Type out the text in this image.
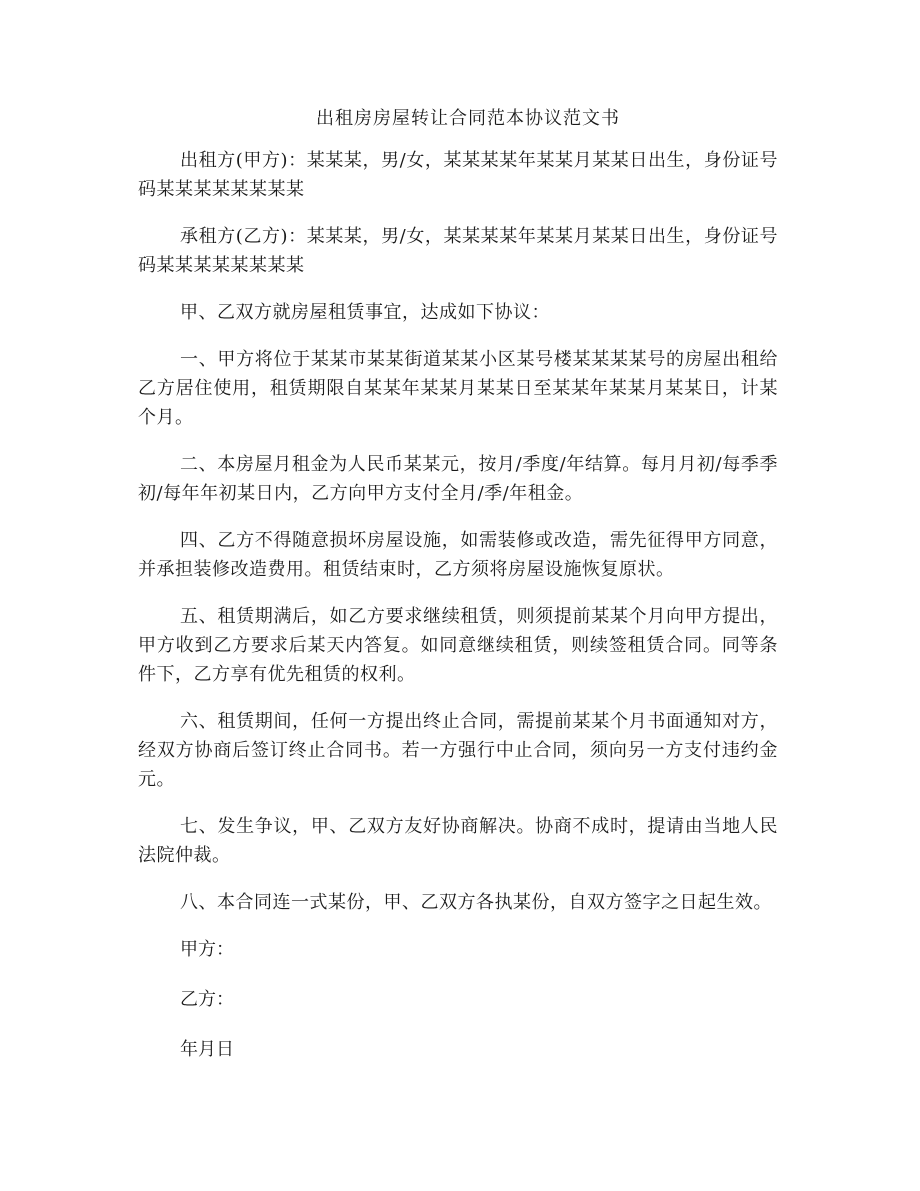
出租房房屋转让合同范本协议范文书

出租方(甲方)：某某某，男/女，某某某某年某某月某某日出生，身份证号码某某某某某某某某

承租方(乙方)：某某某，男/女，某某某某年某某月某某日出生，身份证号码某某某某某某某某

甲、乙双方就房屋租赁事宜，达成如下协议：

一、甲方将位于某某市某某街道某某小区某号楼某某某某号的房屋出租给乙方居住使用，租赁期限自某某年某某月某某日至某某年某某月某某日，计某个月。

二、本房屋月租金为人民币某某元，按月/季度/年结算。每月月初/每季季初/每年年初某日内，乙方向甲方支付全月/季/年租金。

四、乙方不得随意损坏房屋设施，如需装修或改造，需先征得甲方同意，并承担装修改造费用。租赁结束时，乙方须将房屋设施恢复原状。

五、租赁期满后，如乙方要求继续租赁，则须提前某某个月向甲方提出，甲方收到乙方要求后某天内答复。如同意继续租赁，则续签租赁合同。同等条件下，乙方享有优先租赁的权利。

六、租赁期间，任何一方提出终止合同，需提前某某个月书面通知对方，经双方协商后签订终止合同书。若一方强行中止合同，须向另一方支付违约金元。

七、发生争议，甲、乙双方友好协商解决。协商不成时，提请由当地人民法院仲裁。

八、本合同连一式某份，甲、乙双方各执某份，自双方签字之日起生效。

甲方：

乙方：

年月日
